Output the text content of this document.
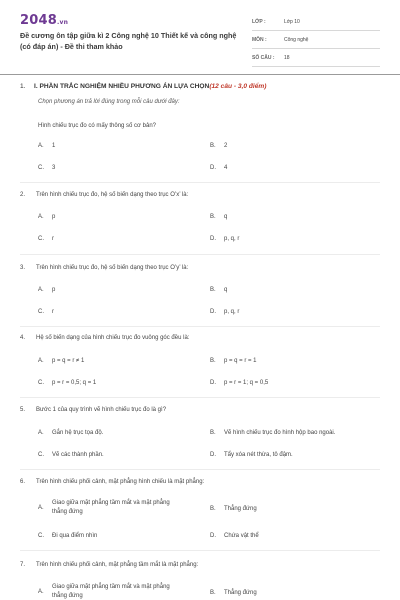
2048.vn
Đề cương ôn tập giữa kì 2 Công nghệ 10 Thiết kế và công nghệ (có đáp án) - Đề thi tham khảo
LỚP :	Lớp 10
MÔN :	Công nghệ
SỐ CÂU :	18
1. I. PHẦN TRẮC NGHIỆM NHIỀU PHƯƠNG ÁN LỰA CHỌN(12 câu - 3,0 điểm)
Chọn phương án trả lời đúng trong mỗi câu dưới đây:
Hình chiếu trục đo có mấy thông số cơ bản?
A.	1	B.	2
C.	3	D.	4
2. Trên hình chiếu trục đo, hệ số biến dạng theo trục O’x’ là:
A.	p	B.	q
C.	r	D.	p, q, r
3. Trên hình chiếu trục đo, hệ số biến dạng theo trục O’y’ là:
A.	p	B.	q
C.	r	D.	p, q, r
4. Hệ số biến dạng của hình chiếu trục đo vuông góc đều là:
A.	p = q = r ≠ 1	B.	p = q = r = 1
C.	p = r = 0,5; q = 1	D.	p = r = 1; q = 0,5
5. Bước 1 của quy trình vẽ hình chiếu trục đo là gì?
A.	Gắn hệ trục tọa độ.	B.	Vẽ hình chiếu trục đo hình hộp bao ngoài.
C.	Vẽ các thành phần.	D.	Tẩy xóa nét thừa, tô đậm.
6. Trên hình chiếu phối cảnh, mặt phẳng hình chiếu là mặt phẳng:
A.
Giao giữa mặt phẳng tầm mắt và mặt phẳng thẳng đứng	B.	Thẳng đứng
C.	Đi qua điểm nhìn	D.	Chứa vật thể
7. Trên hình chiếu phối cảnh, mặt phẳng tầm mắt là mặt phẳng:
A.
Giao giữa mặt phẳng tầm mắt và mặt phẳng thẳng đứng	B.	Thẳng đứng
